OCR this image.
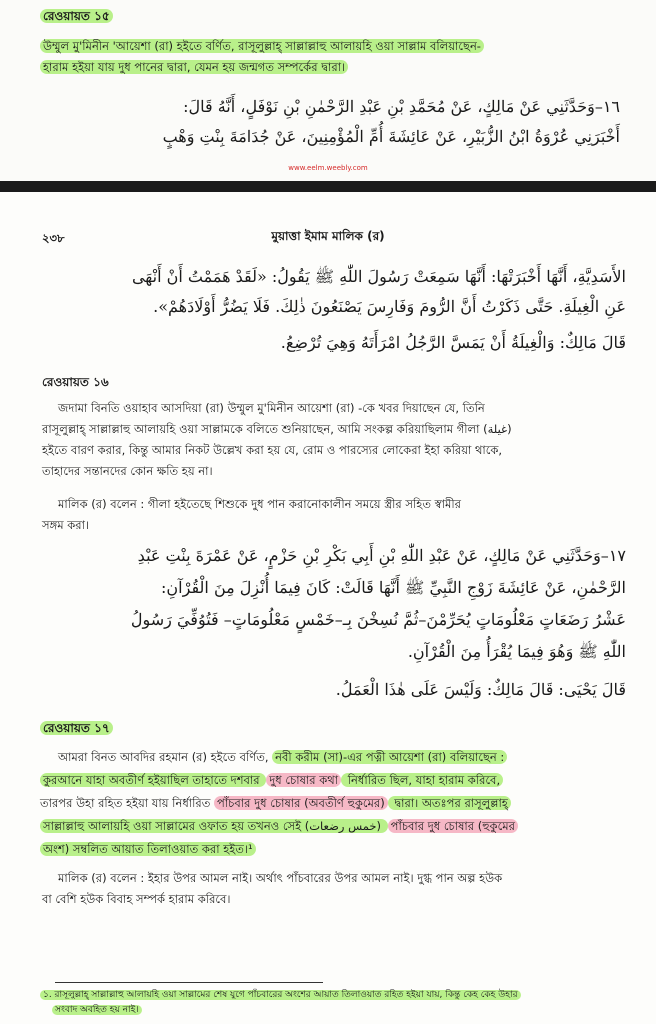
রেওয়ায়ত ১৫
উম্মুল মু'মিনীন 'আয়েশা (রা) হইতে বর্ণিত, রাসূলুল্লাহ্ সাল্লাল্লাহু আলায়হি ওয়া সাল্লাম বলিয়াছেন-
হারাম হইয়া যায় দুধ পানের দ্বারা, যেমন হয় জন্মগত সম্পর্কের দ্বারা।
١٦–وَحَدَّثَنِي عَنْ مَالِكٍ، عَنْ مُحَمَّدِ بْنِ عَبْدِ الرَّحْمٰنِ بْنِ نَوْفَلٍ، أَنَّهُ قَالَ:
أَخْبَرَنِي عُرْوَةُ ابْنُ الزُّبَيْرِ، عَنْ عَائِشَةَ أُمِّ الْمُؤْمِنِينَ، عَنْ جُدَامَةَ بِنْتِ وَهْبٍ
www.eelm.weebly.com
২৩৮	মুয়াত্তা ইমাম মালিক (র)
الأَسَدِيَّةِ، أَنَّهَا أَخْبَرَتْهَا: أَنَّهَا سَمِعَتْ رَسُولَ اللّٰهِ ﷺ يَقُولُ: «لَقَدْ هَمَمْتُ أَنْ أَنْهَى
عَنِ الْغِيلَةِ. حَتَّى ذَكَرْتُ أَنَّ الرُّومَ وَفَارِسَ يَصْنَعُونَ ذٰلِكَ. فَلَا يَضُرُّ أَوْلَادَهُمْ».
قَالَ مَالِكٌ: وَالْغِيلَةُ أَنْ يَمَسَّ الرَّجُلُ امْرَأَتَهُ وَهِيَ تُرْضِعُ.
রেওয়ায়ত ১৬
জদামা বিনতি ওয়াহাব আসদিয়া (রা) উম্মুল মু'মিনীন আয়েশা (রা) -কে খবর দিয়াছেন যে, তিনি
রাসূলুল্লাহ্ সাল্লাল্লাহু আলায়হি ওয়া সাল্লামকে বলিতে শুনিয়াছেন, আমি সংকল্প করিয়াছিলাম গীলা (غيلة)
হইতে বারণ করার, কিন্তু আমার নিকট উল্লেখ করা হয় যে, রোম ও পারস্যের লোকেরা ইহা করিয়া থাকে,
তাহাদের সন্তানদের কোন ক্ষতি হয় না।
মালিক (র) বলেন : গীলা হইতেছে শিশুকে দুধ পান করানোকালীন সময়ে স্ত্রীর সহিত স্বামীর
সঙ্গম করা।
١٧–وَحَدَّثَنِي عَنْ مَالِكٍ، عَنْ عَبْدِ اللّٰهِ بْنِ أَبِي بَكْرِ بْنِ حَزْمٍ، عَنْ عَمْرَةَ بِنْتِ عَبْدِ
الرَّحْمٰنِ، عَنْ عَائِشَةَ زَوْجِ النَّبِيِّ ﷺ أَنَّهَا قَالَتْ: كَانَ فِيمَا أُنْزِلَ مِنَ الْقُرْآنِ:
عَشْرُ رَضَعَاتٍ مَعْلُومَاتٍ يُحَرِّمْنَ–ثُمَّ نُسِخْنَ بِـ–خَمْسٍ مَعْلُومَاتٍ– فَتُوُفِّيَ رَسُولُ
اللّٰهِ ﷺ وَهُوَ فِيمَا يُقْرَأُ مِنَ الْقُرْآنِ.
قَالَ يَحْيَى: قَالَ مَالِكٌ: وَلَيْسَ عَلَى هٰذَا الْعَمَلُ.
রেওয়ায়ত ১৭
আমরা বিনত আবদির রহমান (র) হইতে বর্ণিত, নবী করীম (সা)-এর পত্নী আয়েশা (রা) বলিয়াছেন :
কুরআনে যাহা অবতীর্ণ হইয়াছিল তাহাতে দশবার দুধ চোষার কথা নির্ধারিত ছিল, যাহা হারাম করিবে,
তারপর উহা রহিত হইয়া যায় নির্ধারিত পাঁচবার দুধ চোষার (অবতীর্ণ হুকুমের) দ্বারা। অতঃপর রাসূলুল্লাহ্
সাল্লাল্লাহু আলায়হি ওয়া সাল্লামের ওফাত হয় তখনও সেই (خمس رضعات) পাঁচবার দুধ চোষার (হুকুমের
অংশ) সম্বলিত আয়াত তিলাওয়াত করা হইত।¹
মালিক (র) বলেন : ইহার উপর আমল নাই। অর্থাৎ পাঁচবারের উপর আমল নাই। দুগ্ধ পান অল্প হউক
বা বেশি হউক বিবাহ সম্পর্ক হারাম করিবে।
১. রাসূলুল্লাহ্ সাল্লাল্লাহু আলায়হি ওয়া সাল্লামের শেষ যুগে পাঁচবারের অংশের আয়াত তিলাওয়াত রহিত হইয়া যায়, কিন্তু কেহ কেহ উহার
সংবাদ অবহিত হয় নাই।
